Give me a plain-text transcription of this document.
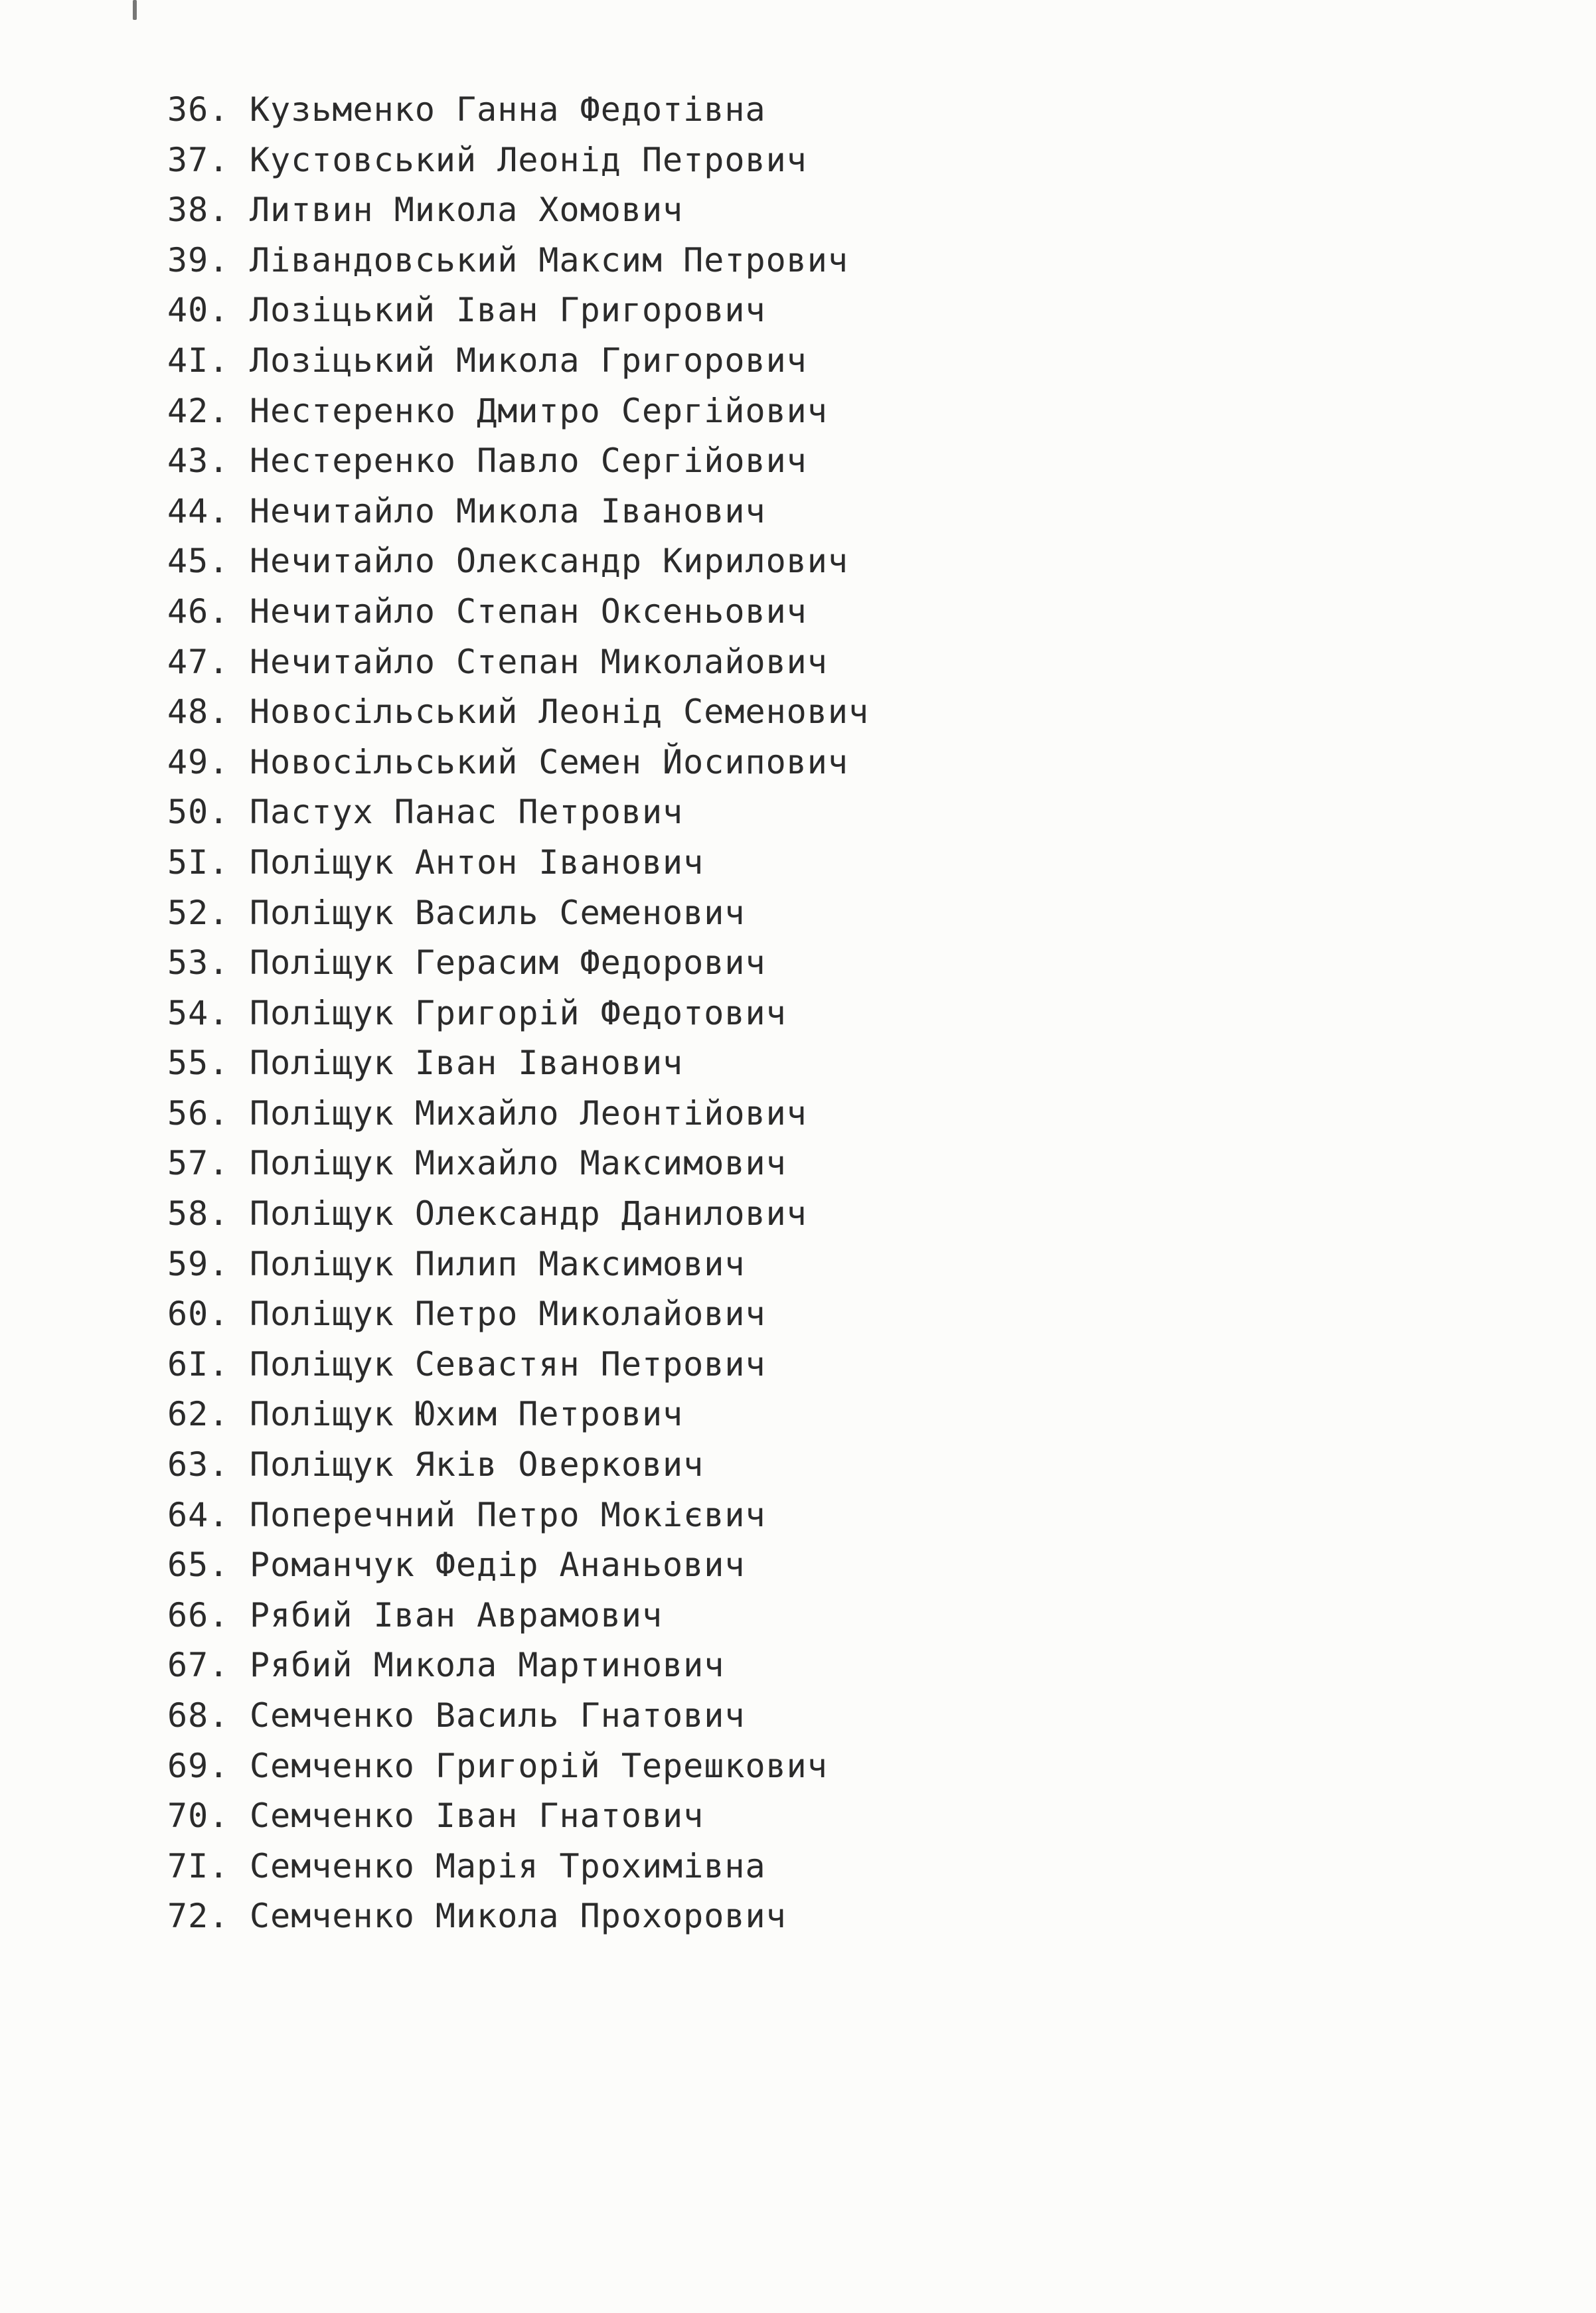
36. Кузьменко Ганна Федотівна
37. Кустовський Леонід Петрович
38. Литвин Микола Хомович
39. Лівандовський Максим Петрович
40. Лозіцький Іван Григорович
4I. Лозіцький Микола Григорович
42. Нестеренко Дмитро Сергійович
43. Нестеренко Павло Сергійович
44. Нечитайло Микола Іванович
45. Нечитайло Олександр Кирилович
46. Нечитайло Степан Оксеньович
47. Нечитайло Степан Миколайович
48. Новосільський Леонід Семенович
49. Новосільський Семен Йосипович
50. Пастух Панас Петрович
5I. Поліщук Антон Іванович
52. Поліщук Василь Семенович
53. Поліщук Герасим Федорович
54. Поліщук Григорій Федотович
55. Поліщук Іван Іванович
56. Поліщук Михайло Леонтійович
57. Поліщук Михайло Максимович
58. Поліщук Олександр Данилович
59. Поліщук Пилип Максимович
60. Поліщук Петро Миколайович
6I. Поліщук Севастян Петрович
62. Поліщук Юхим Петрович
63. Поліщук Яків Оверкович
64. Поперечний Петро Мокієвич
65. Романчук Федір Ананьович
66. Рябий Іван Аврамович
67. Рябий Микола Мартинович
68. Семченко Василь Гнатович
69. Семченко Григорій Терешкович
70. Семченко Іван Гнатович
7I. Семченко Марія Трохимівна
72. Семченко Микола Прохорович
